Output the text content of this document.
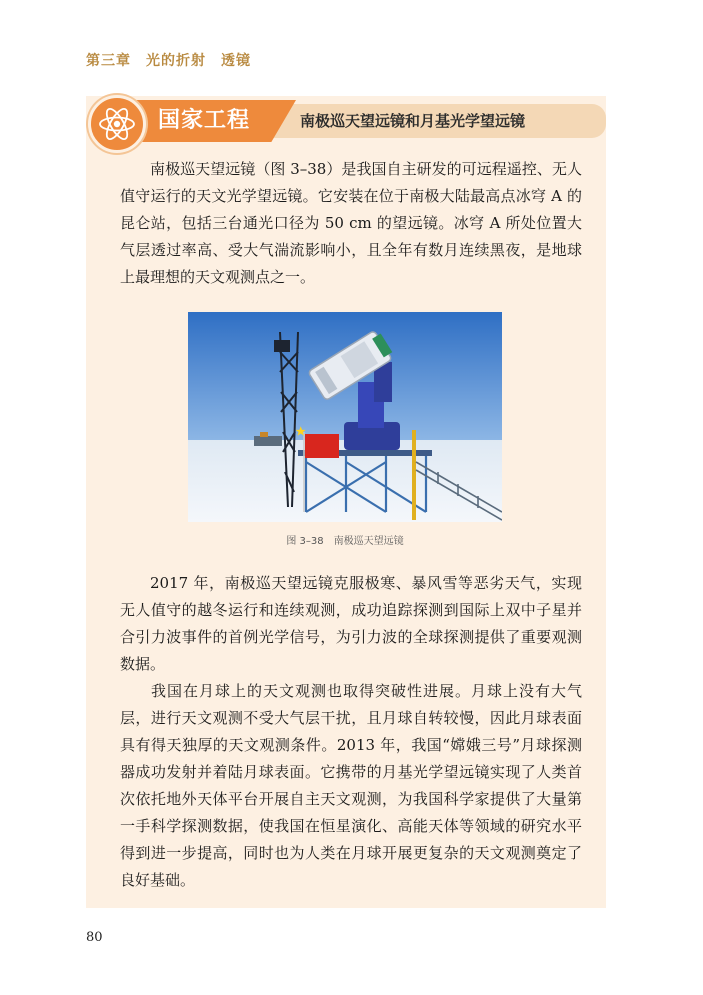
第三章　光的折射　透镜
国家工程	南极巡天望远镜和月基光学望远镜

南极巡天望远镜（图 3–38）是我国自主研发的可远程遥控、无人值守运行的天文光学望远镜。它安装在位于南极大陆最高点冰穹 A 的昆仑站，包括三台通光口径为 50 cm 的望远镜。冰穹 A 所处位置大气层透过率高、受大气湍流影响小，且全年有数月连续黑夜，是地球上最理想的天文观测点之一。

图 3–38　南极巡天望远镜

2017 年，南极巡天望远镜克服极寒、暴风雪等恶劣天气，实现无人值守的越冬运行和连续观测，成功追踪探测到国际上双中子星并合引力波事件的首例光学信号，为引力波的全球探测提供了重要观测数据。

我国在月球上的天文观测也取得突破性进展。月球上没有大气层，进行天文观测不受大气层干扰，且月球自转较慢，因此月球表面具有得天独厚的天文观测条件。2013 年，我国“嫦娥三号”月球探测器成功发射并着陆月球表面。它携带的月基光学望远镜实现了人类首次依托地外天体平台开展自主天文观测，为我国科学家提供了大量第一手科学探测数据，使我国在恒星演化、高能天体等领域的研究水平得到进一步提高，同时也为人类在月球开展更复杂的天文观测奠定了良好基础。

80
